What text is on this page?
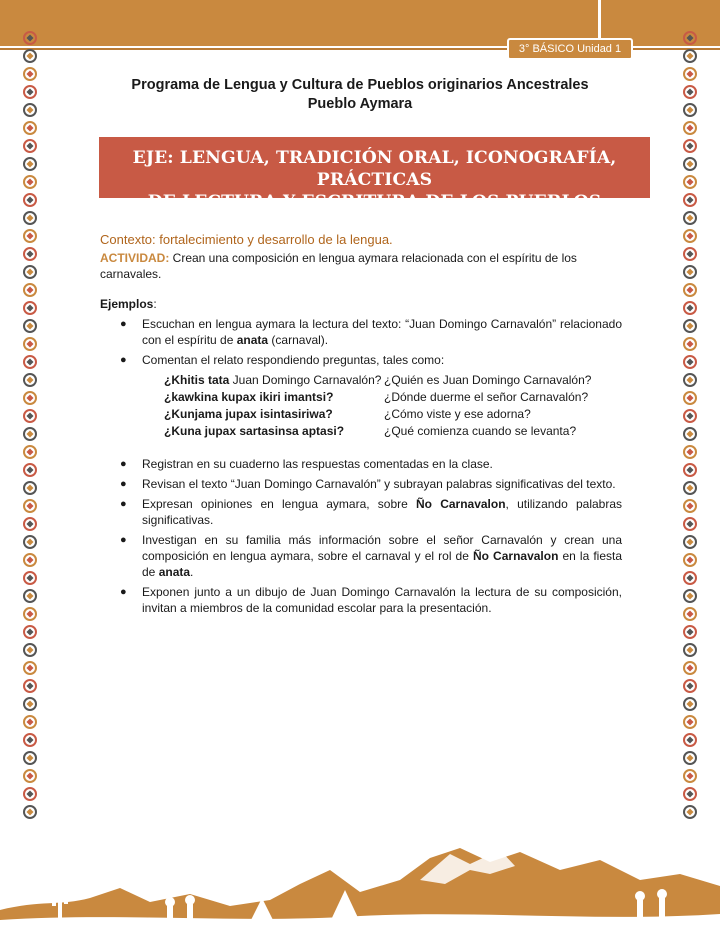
3° BÁSICO Unidad 1
Programa de Lengua y Cultura de Pueblos originarios Ancestrales
Pueblo Aymara
EJE: LENGUA, TRADICIÓN ORAL, ICONOGRAFÍA, PRÁCTICAS
DE LECTURA Y ESCRITURA DE LOS PUEBLOS ORIGINARIOS
Contexto: fortalecimiento y desarrollo de la lengua.
ACTIVIDAD: Crean una composición en lengua aymara relacionada con el espíritu de los carnavales.
Ejemplos:
● Escuchan en lengua aymara la lectura del texto: “Juan Domingo Carnavalón” relacionado con el espíritu de anata (carnaval).
● Comentan el relato respondiendo preguntas, tales como:
¿Khitis tata Juan Domingo Carnavalón? ¿Quién es Juan Domingo Carnavalón?
¿kawkina kupax ikiri imantsi?	¿Dónde duerme el señor Carnavalón?
¿Kunjama jupax isintasiriwa?	¿Cómo viste y ese adorna?
¿Kuna jupax sartasinsa aptasi?	¿Qué comienza cuando se levanta?
● Registran en su cuaderno las respuestas comentadas en la clase.
● Revisan el texto “Juan Domingo Carnavalón” y subrayan palabras significativas del texto.
● Expresan opiniones en lengua aymara, sobre Ño Carnavalon, utilizando palabras significativas.
● Investigan en su familia más información sobre el señor Carnavalón y crean una composición en lengua aymara, sobre el carnaval y el rol de Ño Carnavalon en la fiesta de anata.
● Exponen junto a un dibujo de Juan Domingo Carnavalón la lectura de su composición, invitan a miembros de la comunidad escolar para la presentación.
